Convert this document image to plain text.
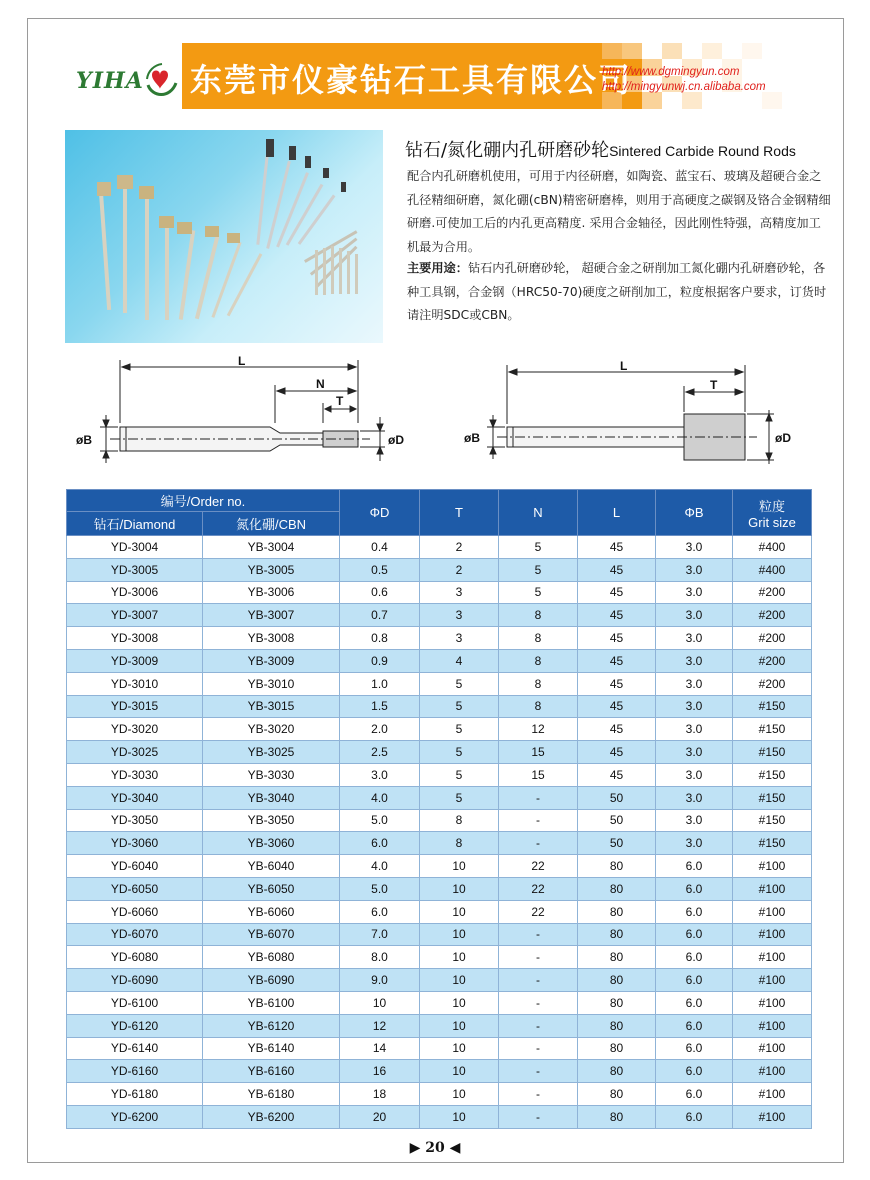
YIHA 东莞市仪豪钻石工具有限公司
http://www.dgmingyun.com
http://mingyunwj.cn.alibaba.com
钻石/氮化硼内孔研磨砂轮Sintered Carbide Round Rods
配合内孔研磨机使用，可用于内径研磨，如陶瓷、蓝宝石、玻璃及超硬合金之孔径精细研磨，氮化硼(cBN)精密研磨棒，则用于高硬度之碳钢及铬合金钢精细研磨.可使加工后的内孔更高精度. 采用合金轴径，因此刚性特强，高精度加工机最为合用。
主要用途：钻石内孔研磨砂轮， 超硬合金之研削加工氮化硼内孔研磨砂轮，各种工具钢，合金钢（HRC50-70)硬度之研削加工，粒度根据客户要求，订货时请注明SDC或CBN。
L
N
T
øB	øD
L
T
øB	øD
编号/Order no.		ΦD	T	N	L	ΦB	粒度
Grit size

钻石/Diamond	氮化硼/CBN						
YD-3004	YB-3004	0.4	2	5	45	3.0	#400
YD-3005	YB-3005	0.5	2	5	45	3.0	#400
YD-3006	YB-3006	0.6	3	5	45	3.0	#200
YD-3007	YB-3007	0.7	3	8	45	3.0	#200
YD-3008	YB-3008	0.8	3	8	45	3.0	#200
YD-3009	YB-3009	0.9	4	8	45	3.0	#200
YD-3010	YB-3010	1.0	5	8	45	3.0	#200
YD-3015	YB-3015	1.5	5	8	45	3.0	#150
YD-3020	YB-3020	2.0	5	12	45	3.0	#150
YD-3025	YB-3025	2.5	5	15	45	3.0	#150
YD-3030	YB-3030	3.0	5	15	45	3.0	#150
YD-3040	YB-3040	4.0	5	-	50	3.0	#150
YD-3050	YB-3050	5.0	8	-	50	3.0	#150
YD-3060	YB-3060	6.0	8	-	50	3.0	#150
YD-6040	YB-6040	4.0	10	22	80	6.0	#100
YD-6050	YB-6050	5.0	10	22	80	6.0	#100
YD-6060	YB-6060	6.0	10	22	80	6.0	#100
YD-6070	YB-6070	7.0	10	-	80	6.0	#100
YD-6080	YB-6080	8.0	10	-	80	6.0	#100
YD-6090	YB-6090	9.0	10	-	80	6.0	#100
YD-6100	YB-6100	10	10	-	80	6.0	#100
YD-6120	YB-6120	12	10	-	80	6.0	#100
YD-6140	YB-6140	14	10	-	80	6.0	#100
YD-6160	YB-6160	16	10	-	80	6.0	#100
YD-6180	YB-6180	18	10	-	80	6.0	#100
YD-6200	YB-6200	20	10	-	80	6.0	#100
▶ 20 ◀
